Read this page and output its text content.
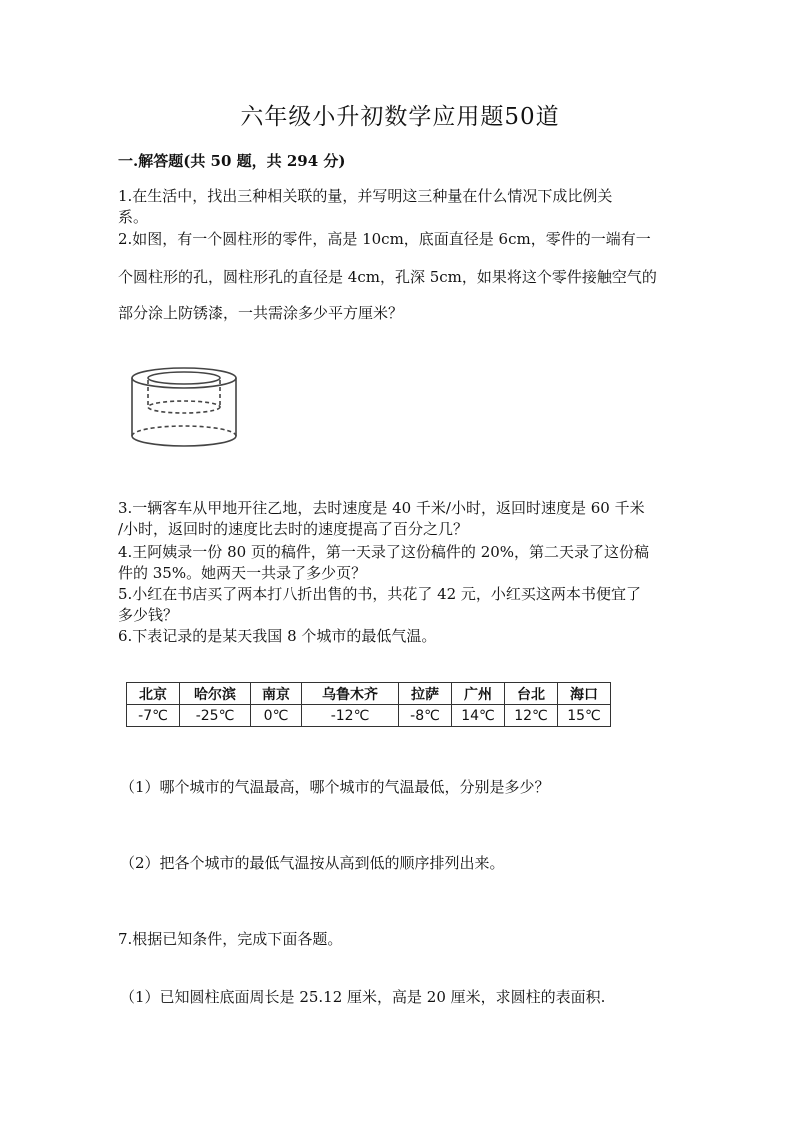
六年级小升初数学应用题50道
一.解答题(共 50 题，共 294 分)
1.在生活中，找出三种相关联的量，并写明这三种量在什么情况下成比例关
系。
2.如图，有一个圆柱形的零件，高是 10cm，底面直径是 6cm，零件的一端有一
个圆柱形的孔，圆柱形孔的直径是 4cm，孔深 5cm，如果将这个零件接触空气的
部分涂上防锈漆，一共需涂多少平方厘米？
3.一辆客车从甲地开往乙地，去时速度是 40 千米/小时，返回时速度是 60 千米
/小时，返回时的速度比去时的速度提高了百分之几？
4.王阿姨录一份 80 页的稿件，第一天录了这份稿件的 20%，第二天录了这份稿
件的 35%。她两天一共录了多少页？
5.小红在书店买了两本打八折出售的书，共花了 42 元，小红买这两本书便宜了
多少钱？
6.下表记录的是某天我国 8 个城市的最低气温。
北京	哈尔滨	南京	乌鲁木齐	拉萨	广州	台北	海口
-7℃	-25℃	0℃	-12℃	-8℃	14℃	12℃	15℃
（1）哪个城市的气温最高，哪个城市的气温最低，分别是多少？
（2）把各个城市的最低气温按从高到低的顺序排列出来。
7.根据已知条件，完成下面各题。
（1）已知圆柱底面周长是 25.12 厘米，高是 20 厘米，求圆柱的表面积.
